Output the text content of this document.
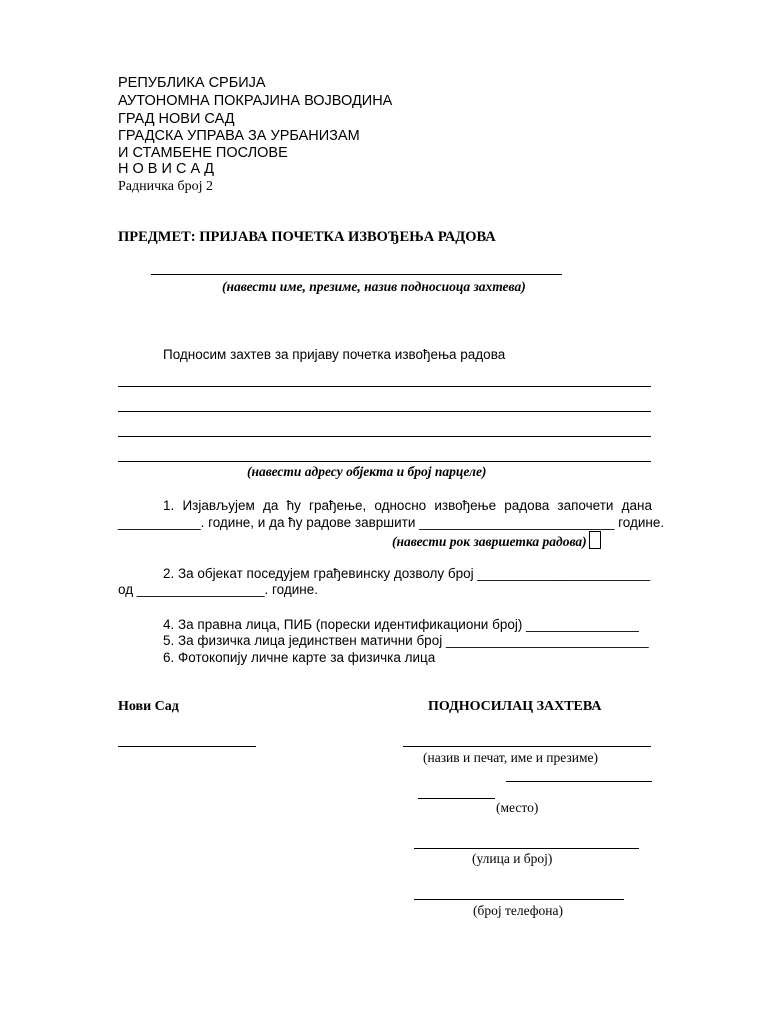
РЕПУБЛИКА СРБИЈА
АУТОНОМНА ПОКРАЈИНА ВОЈВОДИНА
ГРАД НОВИ САД
ГРАДСКА УПРАВА ЗА УРБАНИЗАМ
И СТАМБЕНЕ ПОСЛОВЕ
Н О В И С А Д
Радничка број 2
ПРЕДМЕТ: ПРИЈАВА ПОЧЕТКА ИЗВОЂЕЊА РАДОВА
(навести име, презиме, назив подносиоца захтева)
Подносим захтев за пријаву почетка извођења радова
(навести адресу објекта и број парцеле)
1. Изјављујем да ћу грађење, односно извођење радова започети дана
___________. године, и да ћу радове завршити __________________________ године.
(навести рок завршетка радова)
2. За објекат поседујем грађевинску дозволу број _______________________
од _________________. године.
4. За правна лица, ПИБ (порески идентификациони број) _______________
5. За физичка лица јединствен матични број ___________________________
6. Фотокопију личне карте за физичка лица
Нови Сад	ПОДНОСИЛАЦ ЗАХТЕВА
(назив и печат, име и презиме)
(место)
(улица и број)
(број телефона)
